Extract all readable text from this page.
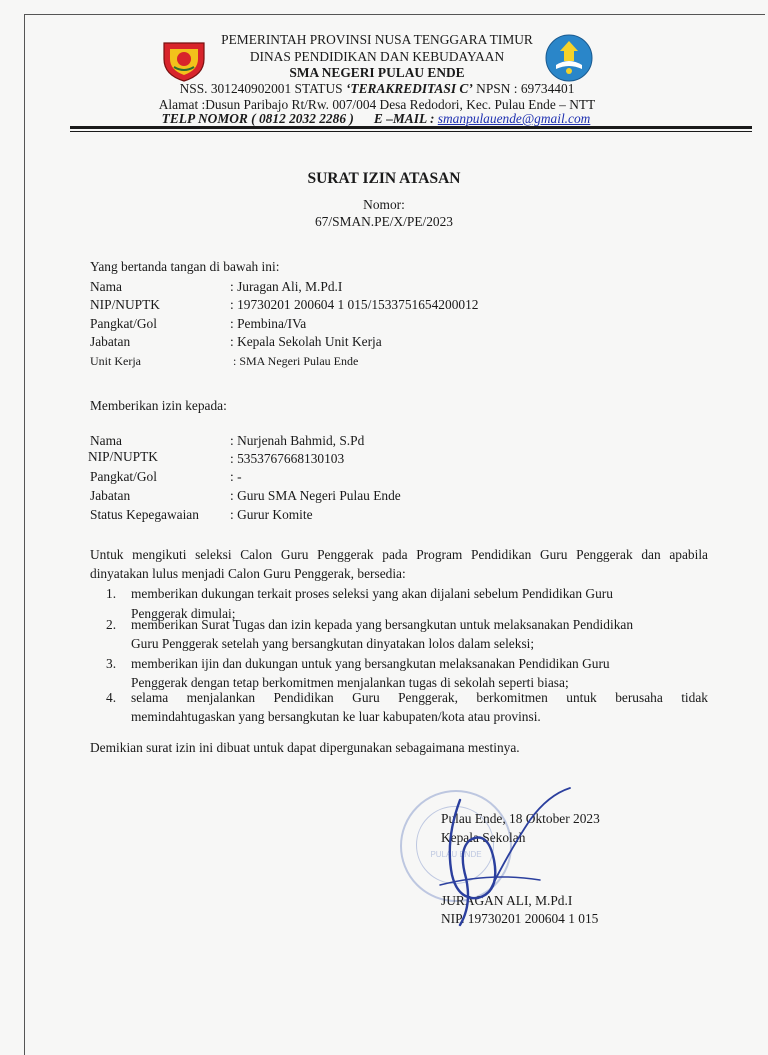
PEMERINTAH PROVINSI NUSA TENGGARA TIMUR
DINAS PENDIDIKAN DAN KEBUDAYAAN
SMA NEGERI PULAU ENDE
NSS. 301240902001 STATUS ‘TERAKREDITASI C’ NPSN : 69734401
Alamat :Dusun Paribajo Rt/Rw. 007/004 Desa Redodori, Kec. Pulau Ende – NTT
TELP NOMOR ( 0812 2032 2286 ) E –MAIL : smanpulauende@gmail.com
SURAT IZIN ATASAN
Nomor:
67/SMAN.PE/X/PE/2023
Yang bertanda tangan di bawah ini:
Nama	: Juragan Ali, M.Pd.I
NIP/NUPTK	: 19730201 200604 1 015/1533751654200012
Pangkat/Gol	: Pembina/IVa
Jabatan	: Kepala Sekolah Unit Kerja
Unit Kerja	: SMA Negeri Pulau Ende
Memberikan izin kepada:
Nama	: Nurjenah Bahmid, S.Pd
NIP/NUPTK	: 5353767668130103
Pangkat/Gol	: -
Jabatan	: Guru SMA Negeri Pulau Ende
Status Kepegawaian : Gurur Komite
Untuk mengikuti seleksi Calon Guru Penggerak pada Program Pendidikan Guru Penggerak dan apabila
dinyatakan lulus menjadi Calon Guru Penggerak, bersedia:
1. memberikan dukungan terkait proses seleksi yang akan dijalani sebelum Pendidikan Guru
Penggerak dimulai;
2. memberikan Surat Tugas dan izin kepada yang bersangkutan untuk melaksanakan Pendidikan
Guru Penggerak setelah yang bersangkutan dinyatakan lolos dalam seleksi;
3. memberikan ijin dan dukungan untuk yang bersangkutan melaksanakan Pendidikan Guru
Penggerak dengan tetap berkomitmen menjalankan tugas di sekolah seperti biasa;
4. selama menjalankan Pendidikan Guru Penggerak, berkomitmen untuk berusaha tidak
memindahtugaskan yang bersangkutan ke luar kabupaten/kota atau provinsi.
Demikian surat izin ini dibuat untuk dapat dipergunakan sebagaimana mestinya.
PULAU ENDE
Pulau Ende, 18 Oktober 2023
Kepala Sekolah
JURAGAN ALI, M.Pd.I
NIP. 19730201 200604 1 015
